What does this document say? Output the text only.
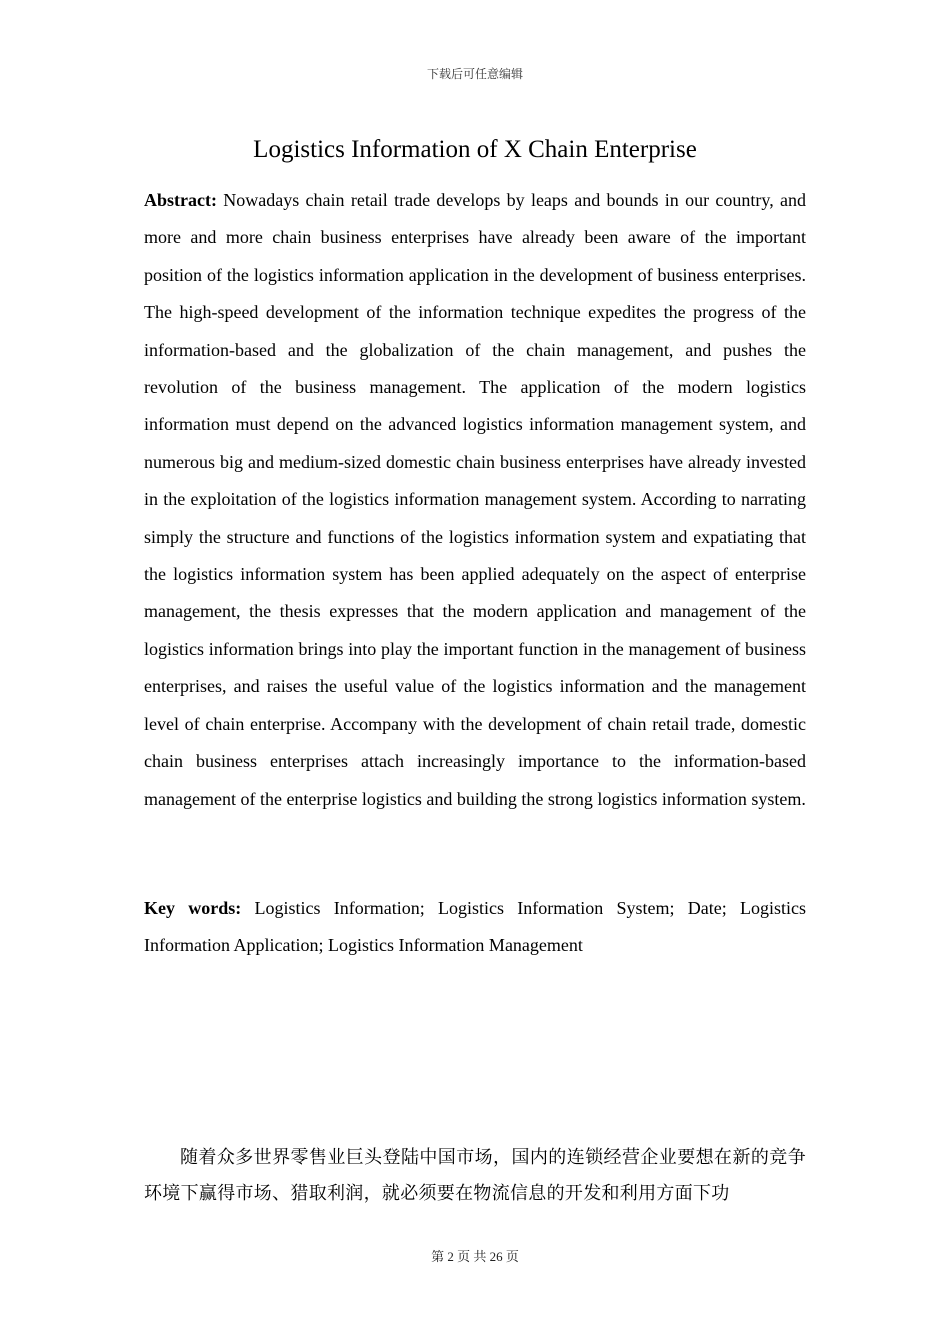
下载后可任意编辑
Logistics Information of X Chain Enterprise
Abstract: Nowadays chain retail trade develops by leaps and bounds in our country, and more and more chain business enterprises have already been aware of the important position of the logistics information application in the development of business enterprises. The high-speed development of the information technique expedites the progress of the information-based and the globalization of the chain management, and pushes the revolution of the business management. The application of the modern logistics information must depend on the advanced logistics information management system, and numerous big and medium-sized domestic chain business enterprises have already invested in the exploitation of the logistics information management system. According to narrating simply the structure and functions of the logistics information system and expatiating that the logistics information system has been applied adequately on the aspect of enterprise management, the thesis expresses that the modern application and management of the logistics information brings into play the important function in the management of business enterprises, and raises the useful value of the logistics information and the management level of chain enterprise. Accompany with the development of chain retail trade, domestic chain business enterprises attach increasingly importance to the information-based management of the enterprise logistics and building the strong logistics information system.
Key words: Logistics Information; Logistics Information System; Date; Logistics Information Application; Logistics Information Management
随着众多世界零售业巨头登陆中国市场，国内的连锁经营企业要想在新的竞争环境下赢得市场、猎取利润，就必须要在物流信息的开发和利用方面下功
第 2 页 共 26 页
